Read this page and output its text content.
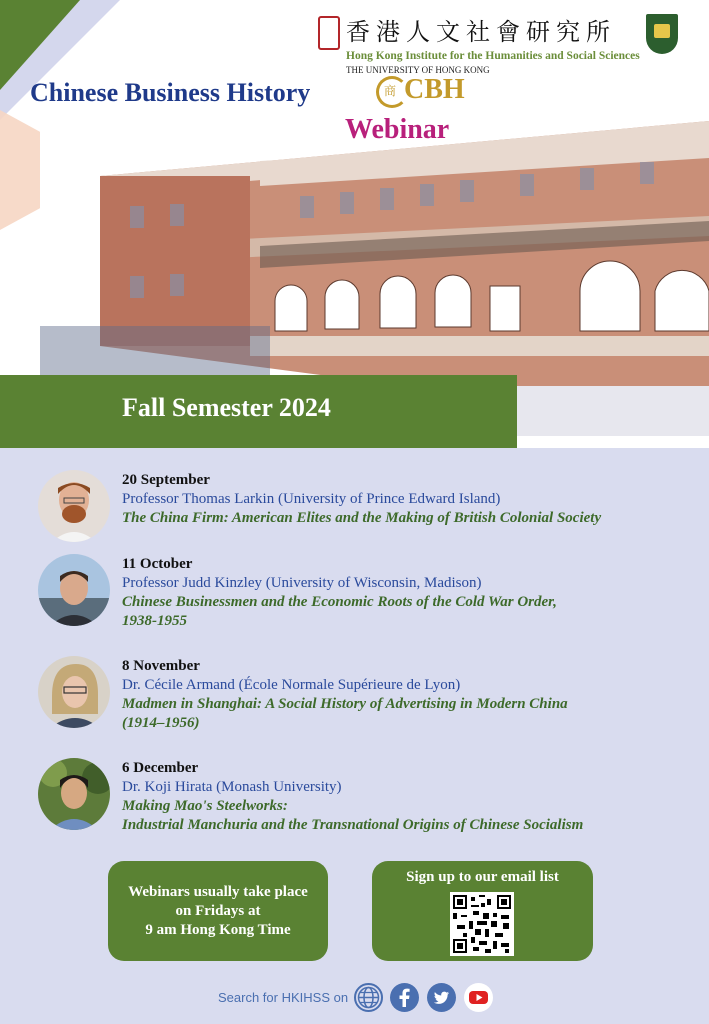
香港人文社會研究所
Hong Kong Institute for the Humanities and Social Sciences
THE UNIVERSITY OF HONG KONG
Chinese Business History	商 CBH
Webinar
Fall Semester 2024
20 September
Professor Thomas Larkin (University of Prince Edward Island)
The China Firm: American Elites and the Making of British Colonial Society
11 October
Professor Judd Kinzley (University of Wisconsin, Madison)
Chinese Businessmen and the Economic Roots of the Cold War Order,
1938-1955
8 November
Dr. Cécile Armand (École Normale Supérieure de Lyon)
Madmen in Shanghai: A Social History of Advertising in Modern China
(1914–1956)
6 December
Dr. Koji Hirata (Monash University)
Making Mao's Steelworks:
Industrial Manchuria and the Transnational Origins of Chinese Socialism
Webinars usually take place
on Fridays at
9 am Hong Kong Time
Sign up to our email list
Search for HKIHSS on
